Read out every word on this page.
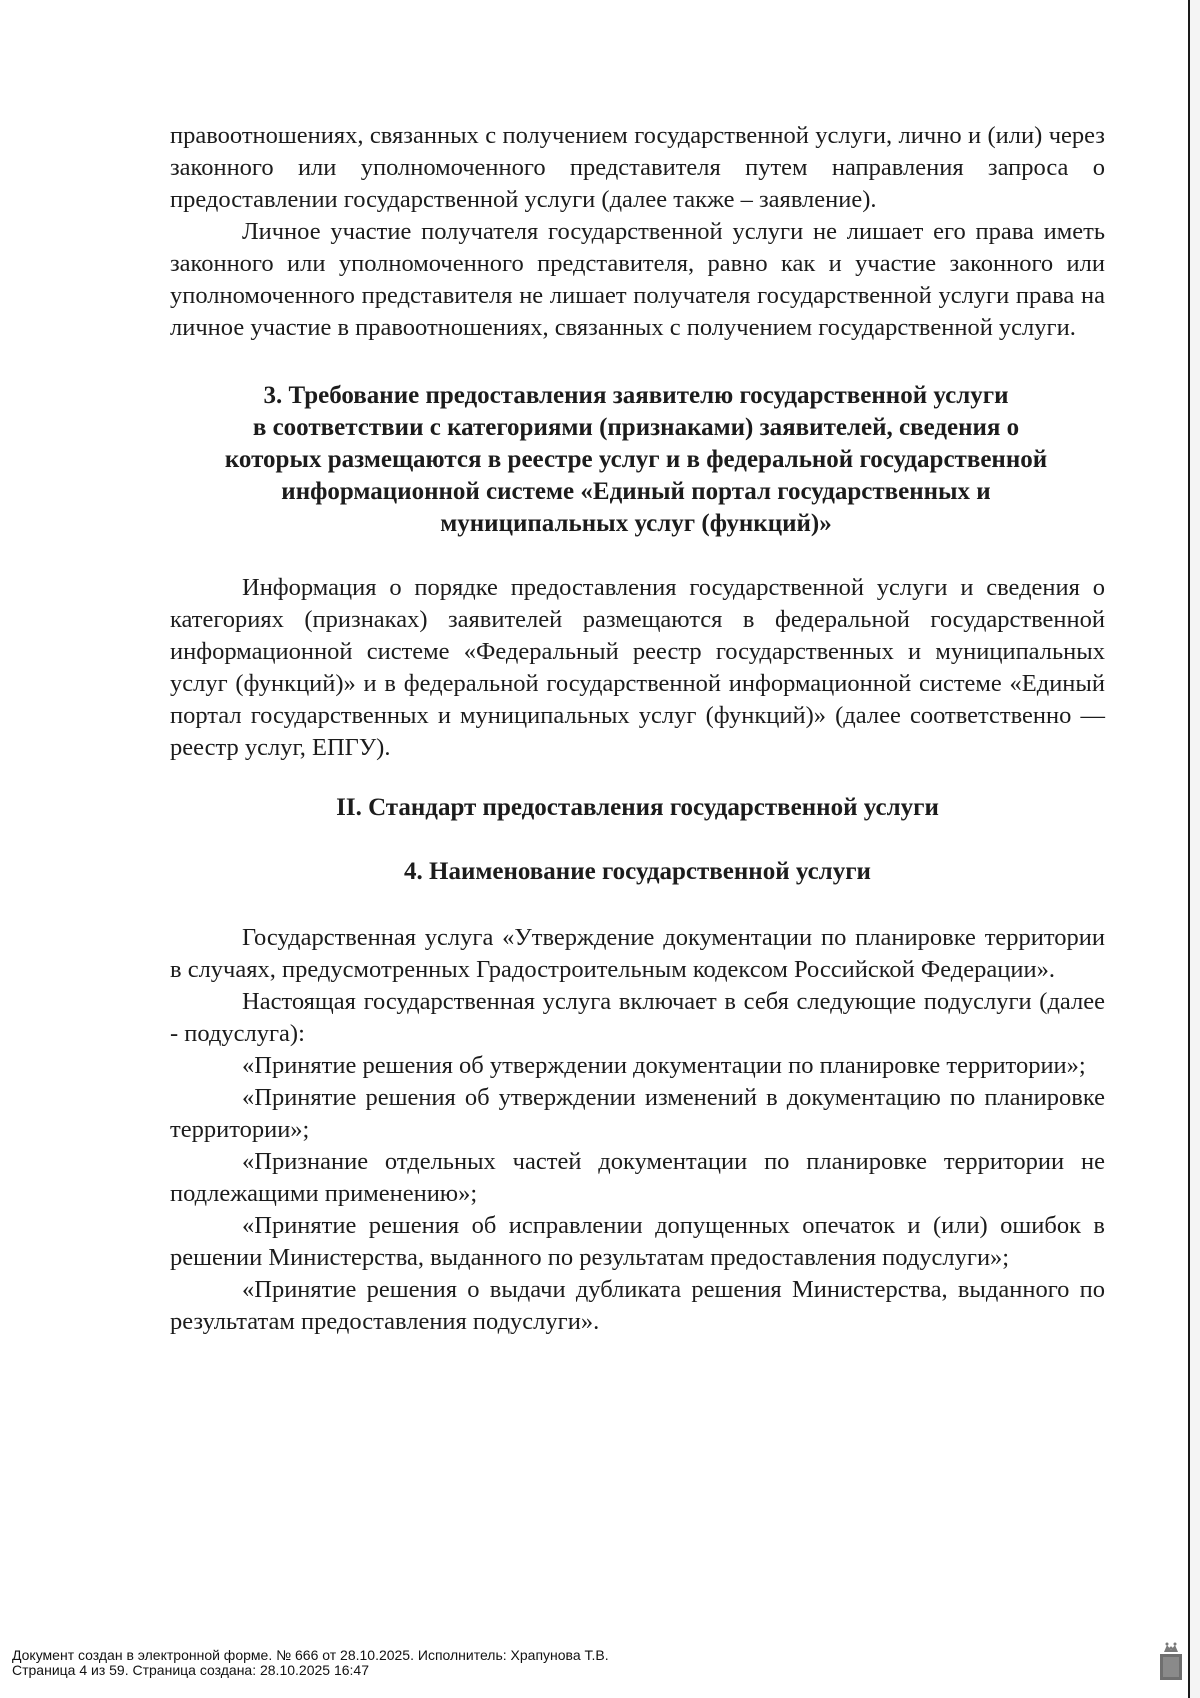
правоотношениях, связанных с получением государственной услуги, лично и (или) через законного или уполномоченного представителя путем направления запроса о предоставлении государственной услуги (далее также – заявление).

Личное участие получателя государственной услуги не лишает его права иметь законного или уполномоченного представителя, равно как и участие законного или уполномоченного представителя не лишает получателя государственной услуги права на личное участие в правоотношениях, связанных с получением государственной услуги.

3. Требование предоставления заявителю государственной услуги
в соответствии с категориями (признаками) заявителей, сведения о
которых размещаются в реестре услуг и в федеральной государственной
информационной системе «Единый портал государственных и
муниципальных услуг (функций)»

Информация о порядке предоставления государственной услуги и сведения о категориях (признаках) заявителей размещаются в федеральной государственной информационной системе «Федеральный реестр государственных и муниципальных услуг (функций)» и в федеральной государственной информационной системе «Единый портал государственных и муниципальных услуг (функций)» (далее соответственно — реестр услуг, ЕПГУ).

II. Стандарт предоставления государственной услуги
4. Наименование государственной услуги

Государственная услуга «Утверждение документации по планировке территории в случаях, предусмотренных Градостроительным кодексом Российской Федерации».

Настоящая государственная услуга включает в себя следующие подуслуги (далее - подуслуга):

«Принятие решения об утверждении документации по планировке территории»;

«Принятие решения об утверждении изменений в документацию по планировке территории»;

«Признание отдельных частей документации по планировке территории не подлежащими применению»;

«Принятие решения об исправлении допущенных опечаток и (или) ошибок в решении Министерства, выданного по результатам предоставления подуслуги»;

«Принятие решения о выдачи дубликата решения Министерства, выданного по результатам предоставления подуслуги».

Документ создан в электронной форме. № 666 от 28.10.2025. Исполнитель: Храпунова Т.В.
Страница 4 из 59. Страница создана: 28.10.2025 16:47
